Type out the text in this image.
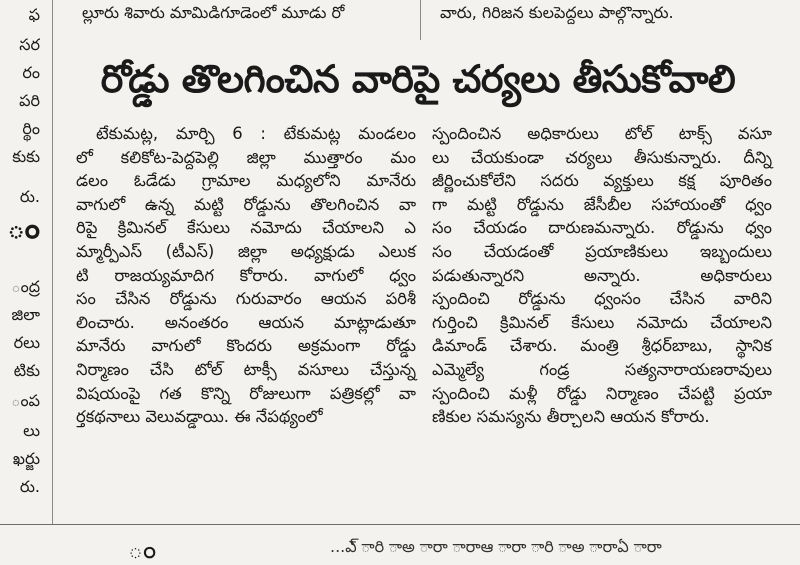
ఫ
సర
రం
పరి
ర్థిం
కుకు
రు.
ంద్ర
జిలా
రలు
టికు
ంప
లు
ఖర్జు
రు.
ం
ల్లూరు శివారు మామిడిగూడెంలో మూడు రో	వారు, గిరిజన కులపెద్దలు పాల్గొన్నారు.
రోడ్డు తొలగించిన వారిపై చర్యలు తీసుకోవాలి
టేకుమట్ల, మార్చి 6 : టేకుమట్ల మండలం
లో కలికోట-పెద్దపెల్లి జిల్లా ముత్తారం మం
డలం ఓడేడు గ్రామాల మధ్యలోని మానేరు
వాగులో ఉన్న మట్టి రోడ్డును తొలగించిన వా
రిపై క్రిమినల్ కేసులు నమోదు చేయాలని ఎ
మ్మార్పీఎస్ (టీఎస్) జిల్లా అధ్యక్షుడు ఎలుక
టి రాజయ్యమాదిగ కోరారు. వాగులో ధ్వం
సం చేసిన రోడ్డును గురువారం ఆయన పరిశీ
లించారు. అనంతరం ఆయన మాట్లాడుతూ
మానేరు వాగులో కొందరు అక్రమంగా రోడ్డు
నిర్మాణం చేసి టోల్ టాక్సీ వసూలు చేస్తున్న
విషయంపై గత కొన్ని రోజులుగా పత్రికల్లో వా
ర్తకథనాలు వెలువడ్డాయి. ఈ నేపథ్యంలో
స్పందించిన అధికారులు టోల్ టాక్స్ వసూ
లు చేయకుండా చర్యలు తీసుకున్నారు. దీన్ని
జీర్ణించుకోలేని సదరు వ్యక్తులు కక్ష పూరితం
గా మట్టి రోడ్డును జేసీబీల సహాయంతో ధ్వం
సం చేయడం దారుణమన్నారు. రోడ్డును ధ్వం
సం చేయడంతో ప్రయాణికులు ఇబ్బందులు
పడుతున్నారని అన్నారు. అధికారులు
స్పందించి రోడ్డును ధ్వంసం చేసిన వారిని
గుర్తించి క్రిమినల్ కేసులు నమోదు చేయాలని
డిమాండ్ చేశారు. మంత్రి శ్రీధర్‌బాబు, స్థానిక
ఎమ్మెల్యే గండ్ర సత్యనారాయణరావులు
స్పందించి మళ్లీ రోడ్డు నిర్మాణం చేపట్టి ప్రయా
ణికుల సమస్యను తీర్చాలని ఆయన కోరారు.
ం	...ఎ్ ారి ాఅ ారా ారాఆ ారా ారి ాఅ ారాఏ ారా
